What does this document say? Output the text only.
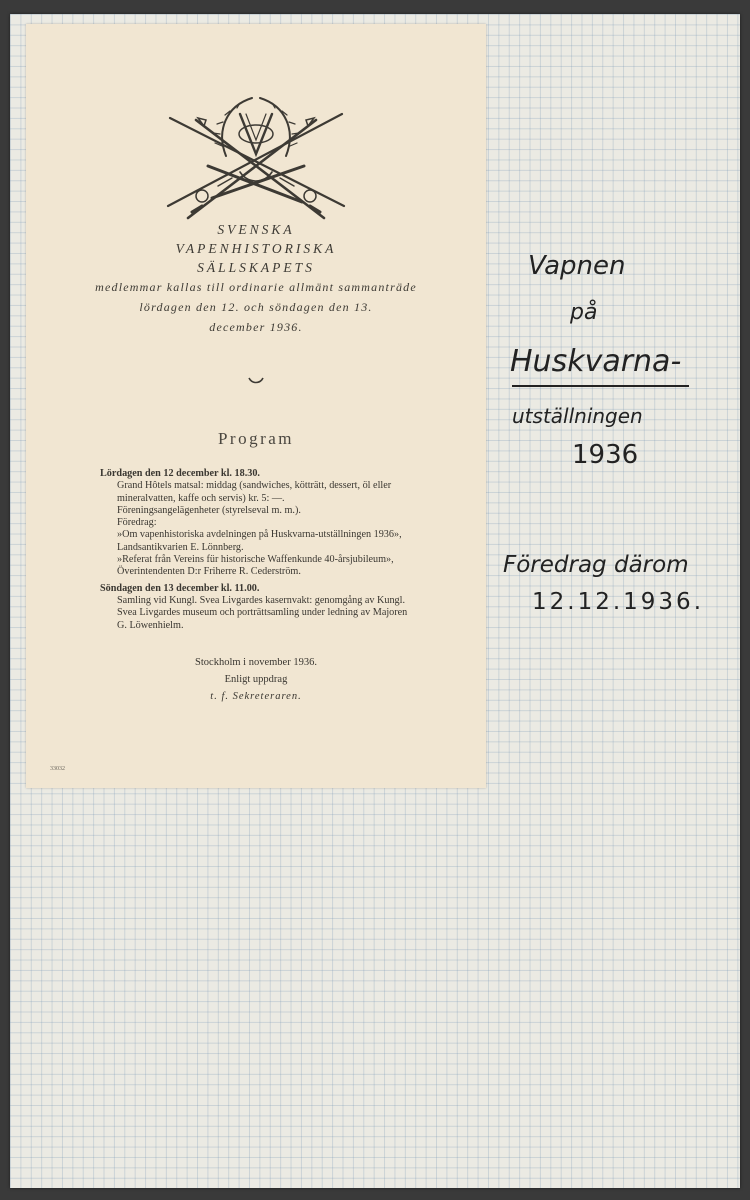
SVENSKA
VAPENHISTORISKA
SÄLLSKAPETS
medlemmar kallas till ordinarie allmänt sammanträde
lördagen den 12. och söndagen den 13.
december 1936.
Program
Lördagen den 12 december kl. 18.30.
Grand Hôtels matsal: middag (sandwiches, kötträtt, dessert, öl eller
mineralvatten, kaffe och servis) kr. 5: —.
Föreningsangelägenheter (styrelseval m. m.).
Föredrag:
»Om vapenhistoriska avdelningen på Huskvarna-utställningen 1936»,
Landsantikvarien E. Lönnberg.
»Referat från Vereins für historische Waffenkunde 40-årsjubileum»,
Överintendenten D:r Friherre R. Cederström.
Söndagen den 13 december kl. 11.00.
Samling vid Kungl. Svea Livgardes kasernvakt: genomgång av Kungl.
Svea Livgardes museum och porträttsamling under ledning av Majoren
G. Löwenhielm.
Stockholm i november 1936.
Enligt uppdrag
t. f. Sekreteraren.
33032
Vapnen
på
Huskvarna-
utställningen
1936
Föredrag därom
12.12.1936.
